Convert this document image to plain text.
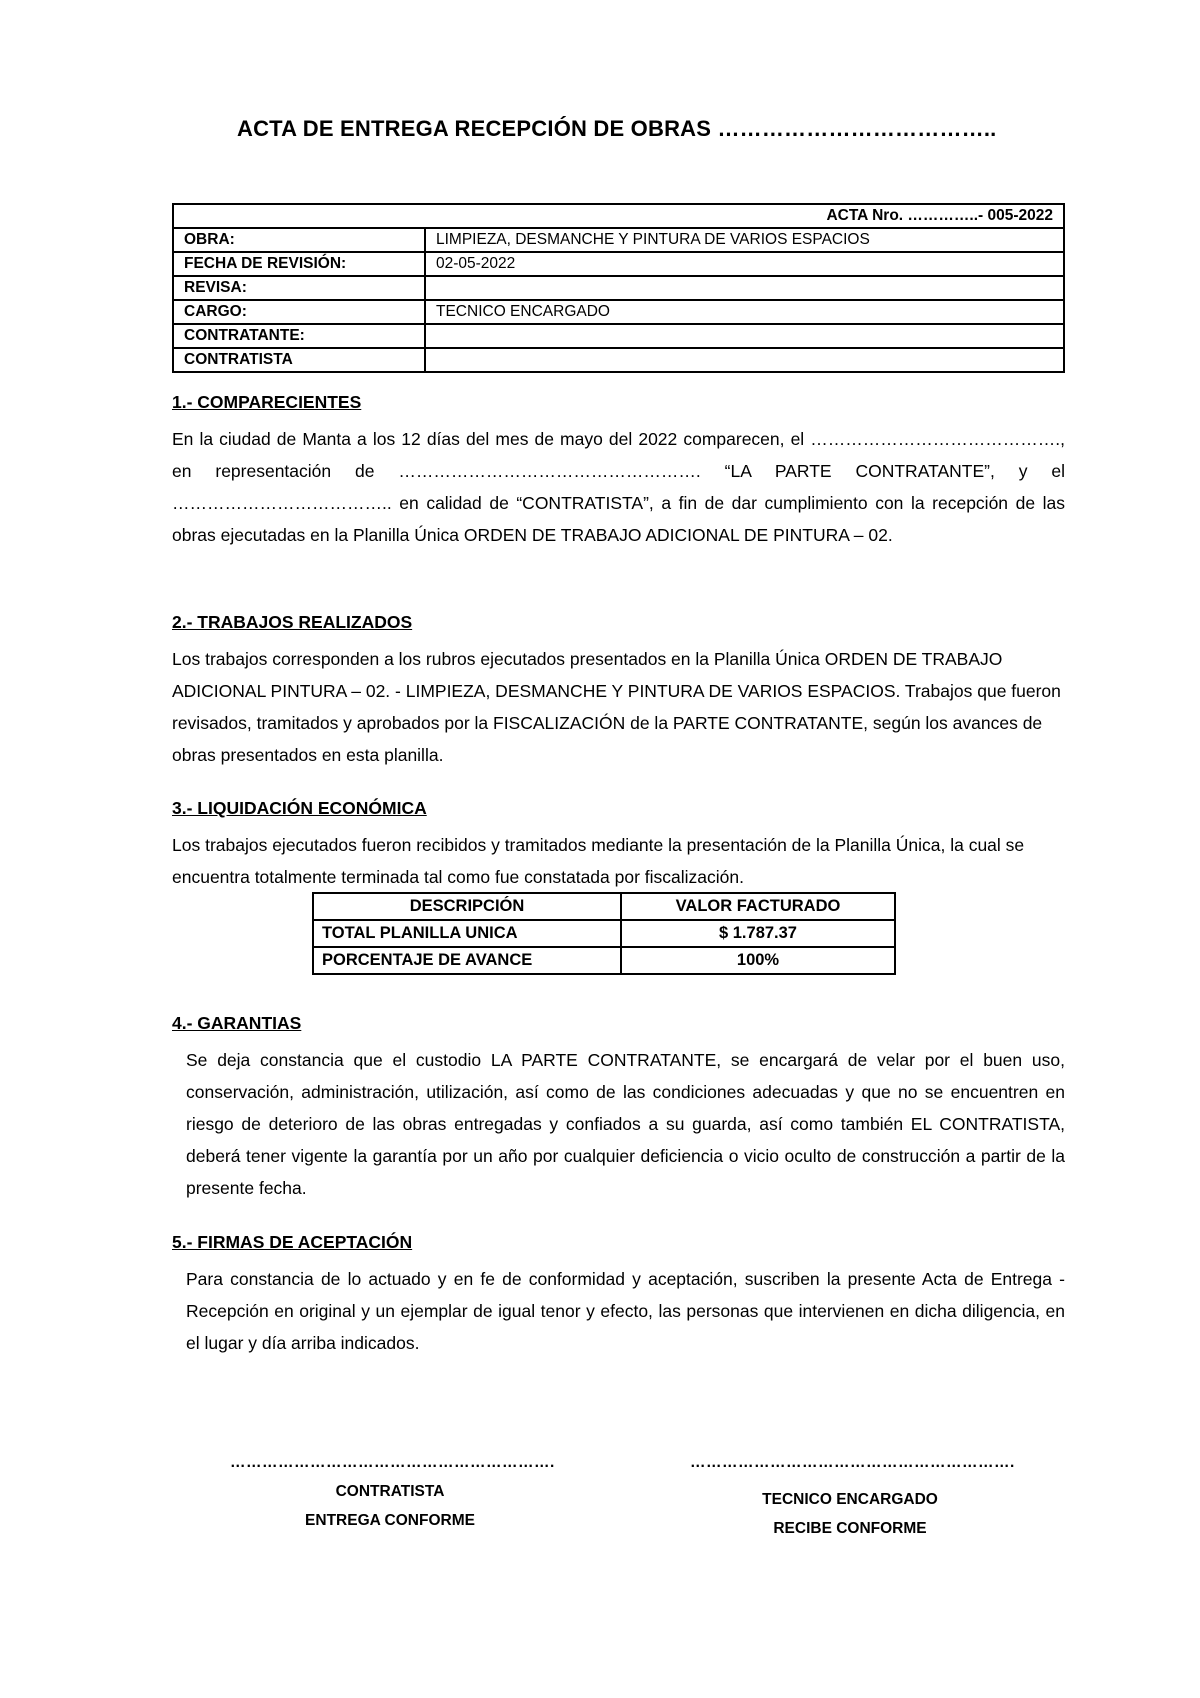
ACTA DE ENTREGA RECEPCIÓN DE OBRAS ………………………………..
ACTA Nro. …………..- 005-2022	
OBRA:	LIMPIEZA, DESMANCHE Y PINTURA DE VARIOS ESPACIOS
FECHA DE REVISIÓN:	02-05-2022
REVISA:	
CARGO:	TECNICO ENCARGADO
CONTRATANTE:	
CONTRATISTA	
1.- COMPARECIENTES
En la ciudad de Manta a los 12 días del mes de mayo del 2022 comparecen, el ……………………………………., en representación de ……………………………………………. “LA PARTE CONTRATANTE”, y el ……………………………….. en calidad de “CONTRATISTA”, a fin de dar cumplimiento con la recepción de las obras ejecutadas en la Planilla Única ORDEN DE TRABAJO ADICIONAL DE PINTURA – 02.
2.- TRABAJOS REALIZADOS
Los trabajos corresponden a los rubros ejecutados presentados en la Planilla Única ORDEN DE TRABAJO ADICIONAL PINTURA – 02. - LIMPIEZA, DESMANCHE Y PINTURA DE VARIOS ESPACIOS. Trabajos que fueron revisados, tramitados y aprobados por la FISCALIZACIÓN de la PARTE CONTRATANTE, según los avances de obras presentados en esta planilla.
3.- LIQUIDACIÓN ECONÓMICA
Los trabajos ejecutados fueron recibidos y tramitados mediante la presentación de la Planilla Única, la cual se encuentra totalmente terminada tal como fue constatada por fiscalización.
DESCRIPCIÓN	VALOR FACTURADO
TOTAL PLANILLA UNICA	$ 1.787.37
PORCENTAJE DE AVANCE	100%
4.- GARANTIAS
Se deja constancia que el custodio LA PARTE CONTRATANTE, se encargará de velar por el buen uso, conservación, administración, utilización, así como de las condiciones adecuadas y que no se encuentren en riesgo de deterioro de las obras entregadas y confiados a su guarda, así como también EL CONTRATISTA, deberá tener vigente la garantía por un año por cualquier deficiencia o vicio oculto de construcción a partir de la presente fecha.
5.- FIRMAS DE ACEPTACIÓN
Para constancia de lo actuado y en fe de conformidad y aceptación, suscriben la presente Acta de Entrega - Recepción en original y un ejemplar de igual tenor y efecto, las personas que intervienen en dicha diligencia, en el lugar y día arriba indicados.
…………………………………………………….
CONTRATISTA
ENTREGA CONFORME
…………………………………………………….
TECNICO ENCARGADO
RECIBE CONFORME
